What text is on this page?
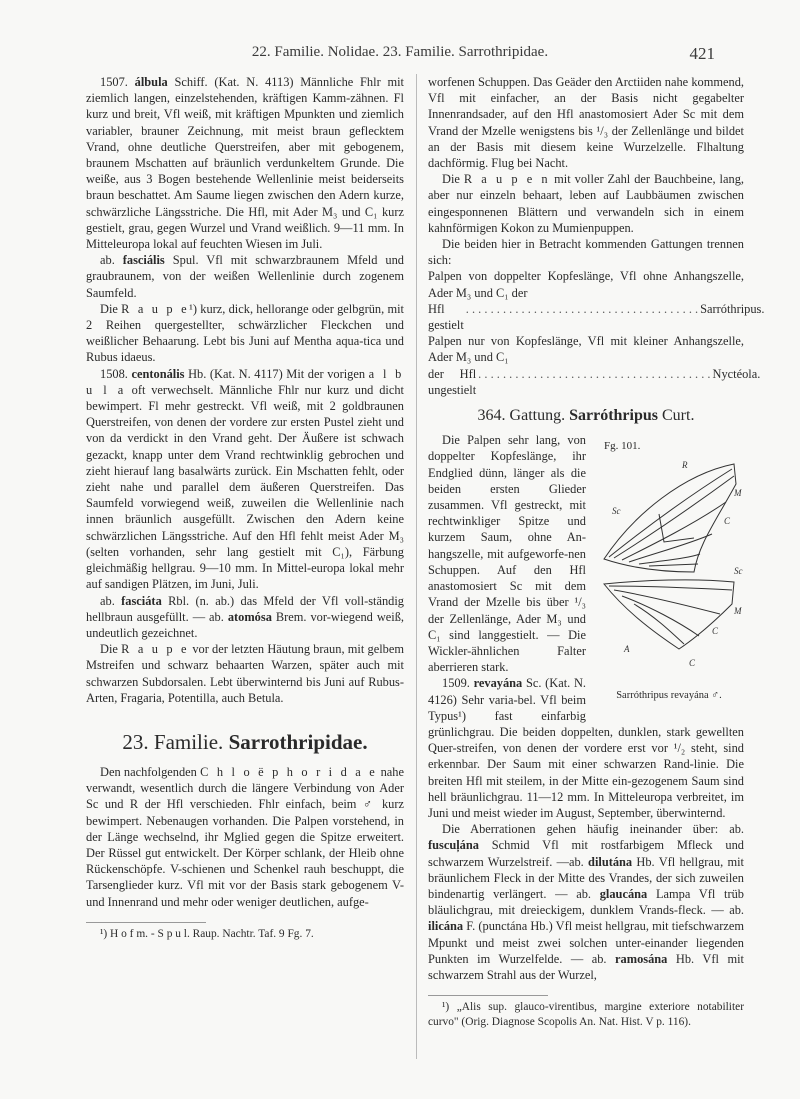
22. Familie. Nolidae. 23. Familie. Sarrothripidae.	421

1507. álbula Schiff. (Kat. N. 4113) Männliche Fhlr mit ziemlich langen, einzelstehenden, kräftigen Kamm-zähnen. Fl kurz und breit, Vfl weiß, mit kräftigen Mpunkten und ziemlich variabler, brauner Zeichnung, mit meist braun geflecktem Vrand, ohne deutliche Querstreifen, aber mit gebogenem, braunem Mschatten auf bräunlich verdunkeltem Grunde. Die weiße, aus 3 Bogen bestehende Wellenlinie meist beiderseits braun beschattet. Am Saume liegen zwischen den Adern kurze, schwärzliche Längsstriche. Die Hfl, mit Ader M₃ und C₁ kurz gestielt, grau, gegen Wurzel und Vrand weißlich. 9—11 mm. In Mitteleuropa lokal auf feuchten Wiesen im Juli.

ab. fasciális Spul. Vfl mit schwarzbraunem Mfeld und graubraunem, von der weißen Wellenlinie durch zogenem Saumfeld.

Die R a u p e¹) kurz, dick, hellorange oder gelbgrün, mit 2 Reihen quergestellter, schwärzlicher Fleckchen und weißlicher Behaarung. Lebt bis Juni auf Mentha aqua-tica und Rubus idaeus.

1508. centonális Hb. (Kat. N. 4117) Mit der vorigen a l b u l a oft verwechselt. Männliche Fhlr nur kurz und dicht bewimpert. Fl mehr gestreckt. Vfl weiß, mit 2 goldbraunen Querstreifen, von denen der vordere zur ersten Pustel zieht und von da verdickt in den Vrand geht. Der Äußere ist schwach gezackt, knapp unter dem Vrand rechtwinklig gebrochen und zieht hierauf lang basalwärts zurück. Ein Mschatten fehlt, oder zieht nahe und parallel dem äußeren Querstreifen. Das Saumfeld vorwiegend weiß, zuweilen die Wellenlinie nach innen bräunlich ausgefüllt. Zwischen den Adern keine schwärzlichen Längsstriche. Auf den Hfl fehlt meist Ader M₃ (selten vorhanden, sehr lang gestielt mit C₁), Färbung gleichmäßig hellgrau. 9—10 mm. In Mittel-europa lokal mehr auf sandigen Plätzen, im Juni, Juli.

ab. fasciáta Rbl. (n. ab.) das Mfeld der Vfl voll-ständig hellbraun ausgefüllt. — ab. atomósa Brem. vor-wiegend weiß, undeutlich gezeichnet.

Die R a u p e vor der letzten Häutung braun, mit gelbem Mstreifen und schwarz behaarten Warzen, später auch mit schwarzen Subdorsalen. Lebt überwinternd bis Juni auf Rubus-Arten, Fragaria, Potentilla, auch Betula.

23. Familie. Sarrothripidae.

Den nachfolgenden C h l o ë p h o r i d a e nahe verwandt, wesentlich durch die längere Verbindung von Ader Sc und R der Hfl verschieden. Fhlr einfach, beim ♂ kurz bewimpert. Nebenaugen vorhanden. Die Palpen vorstehend, in der Länge wechselnd, ihr Mglied gegen die Spitze erweitert. Der Rüssel gut entwickelt. Der Körper schlank, der Hleib ohne Rückenschöpfe. V-schienen und Schenkel rauh beschuppt, die Tarsenglieder kurz. Vfl mit vor der Basis stark gebogenem V- und Innenrand und mehr oder weniger deutlichen, aufge-

¹) H o f m. - S p u l. Raup. Nachtr. Taf. 9 Fg. 7.

worfenen Schuppen. Das Geäder den Arctiiden nahe kommend, Vfl mit einfacher, an der Basis nicht gegabelter Innenrandsader, auf den Hfl anastomosiert Ader Sc mit dem Vrand der Mzelle wenigstens bis ¹/₃ der Zellenlänge und bildet an der Basis mit diesem keine Wurzelzelle. Flhaltung dachförmig. Flug bei Nacht.

Die R a u p e n mit voller Zahl der Bauchbeine, lang, aber nur einzeln behaart, leben auf Laubbäumen zwischen eingesponnenen Blättern und verwandeln sich in einem kahnförmigen Kokon zu Mumienpuppen.

Die beiden hier in Betracht kommenden Gattungen trennen sich:

Palpen von doppelter Kopfeslänge, Vfl ohne Anhangszelle, Ader M₃ und C₁ der

Hfl gestielt
. . . . . . . . . . . . . . . . . . . . . . . . . . . . . . . . . . . . . . Sarróthripus.

Palpen nur von Kopfeslänge, Vfl mit kleiner Anhangszelle, Ader M₃ und C₁

der Hfl ungestielt
. . . . . . . . . . . . . . . . . . . . . . . . . . . . . . . . . . . . . . Nyctéola.
364. Gattung. Sarróthripus Curt.
Fg. 101.
R
M
C
Sc
Sc
M
C
A
C
Sarróthripus revayána ♂.

Die Palpen sehr lang, von doppelter Kopfeslänge, ihr Endglied dünn, länger als die beiden ersten Glieder zusammen. Vfl gestreckt, mit rechtwinkliger Spitze und kurzem Saum, ohne An-hangszelle, mit aufgeworfe-nen Schuppen. Auf den Hfl anastomosiert Sc mit dem Vrand der Mzelle bis über ¹/₃ der Zellenlänge, Ader M₃ und C₁ sind langgestielt. — Die Wickler-ähnlichen Falter aberrieren stark.

1509. revayána Sc. (Kat. N. 4126) Sehr varia-bel. Vfl beim Typus¹) fast einfarbig grünlichgrau. Die beiden doppelten, dunklen, stark gewellten Quer-streifen, von denen der vordere erst vor ¹/₂ steht, sind erkennbar. Der Saum mit einer schwarzen Rand-linie. Die breiten Hfl mit steilem, in der Mitte ein-gezogenem Saum sind hell bräunlichgrau. 11—12 mm. In Mitteleuropa verbreitet, im Juni und meist wieder im August, September, überwinternd.

Die Aberrationen gehen häufig ineinander über: ab. fuscuļána Schmid Vfl mit rostfarbigem Mfleck und schwarzem Wurzelstreif. —ab. dilutána Hb. Vfl hellgrau, mit bräunlichem Fleck in der Mitte des Vrandes, der sich zuweilen bindenartig verlängert. — ab. glaucána Lampa Vfl trüb bläulichgrau, mit dreieckigem, dunklem Vrands-fleck. — ab. ilicána F. (punctána Hb.) Vfl meist hellgrau, mit tiefschwarzem Mpunkt und meist zwei solchen unter-einander liegenden Punkten im Wurzelfelde. — ab. ramosána Hb. Vfl mit schwarzem Strahl aus der Wurzel,

¹) „Alis sup. glauco-virentibus, margine exteriore notabiliter curvo" (Orig. Diagnose Scopolis An. Nat. Hist. V p. 116).
